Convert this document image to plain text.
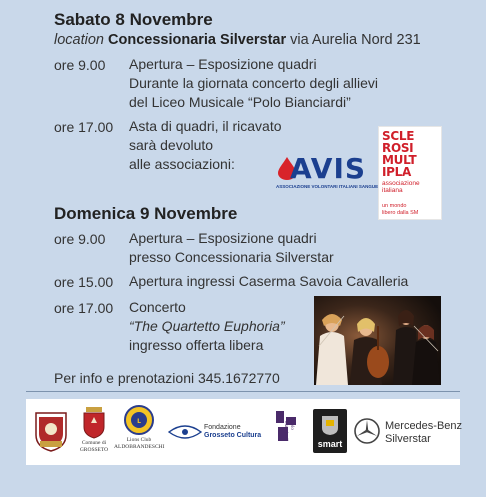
Sabato 8 Novembre
location Concessionaria Silverstar via Aurelia Nord 231
ore 9.00 Apertura – Esposizione quadri
Durante la giornata concerto degli allievi
del Liceo Musicale “Polo Bianciardi”
ore 17.00 Asta di quadri, il ricavato
sarà devoluto
alle associazioni:	AVIS
ASSOCIAZIONE VOLONTARI ITALIANI SANGUE
SCLE
ROSI
MULT
IPLA
associazione
italiana
un mondo
libero dalla SM
Domenica 9 Novembre
ore 9.00 Apertura – Esposizione quadri
presso Concessionaria Silverstar
ore 15.00 Apertura ingressi Caserma Savoia Cavalleria
ore 17.00 Concerto
“The Quartetto Euphoria”
ingresso offerta libera
Per info e prenotazioni 345.1672770
Comune di
GROSSETO
L
Lions Club
ALDOBRANDESCHI
Fondazione
Grosseto Cultura
polo
bianciardi
smart
Mercedes-Benz
Silverstar
